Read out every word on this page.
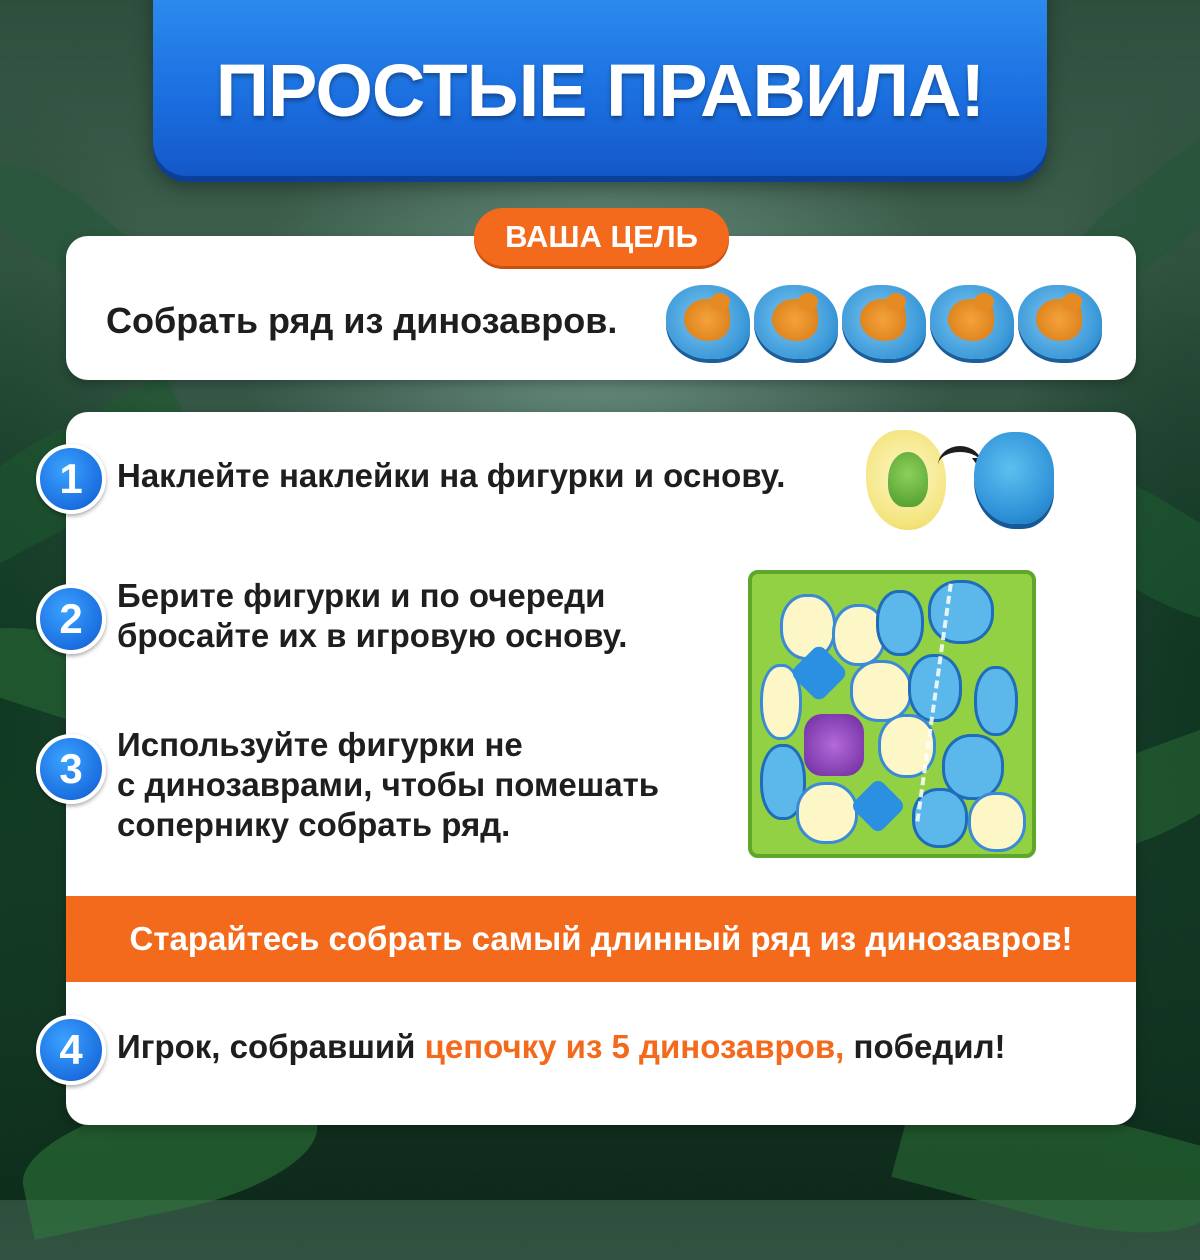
ПРОСТЫЕ ПРАВИЛА!
ВАША ЦЕЛЬ
Собрать ряд из динозавров.
1	Наклейте наклейки на фигурки и основу.
2	Берите фигурки и по очереди
бросайте их в игровую основу.
3
Используйте фигурки не
с динозаврами, чтобы помешать
сопернику собрать ряд.
Старайтесь собрать самый длинный ряд из динозавров!
4	Игрок, собравший цепочку из 5 динозавров, победил!
